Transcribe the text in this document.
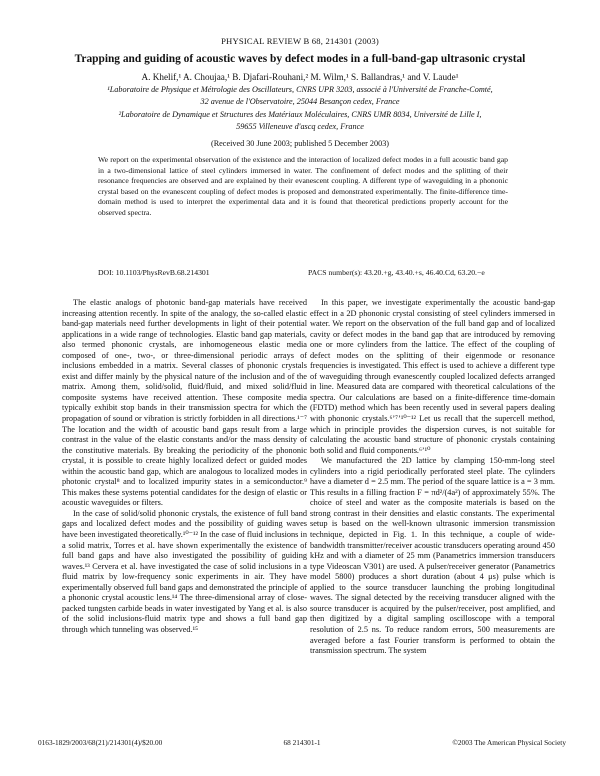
PHYSICAL REVIEW B 68, 214301 (2003)
Trapping and guiding of acoustic waves by defect modes in a full-band-gap ultrasonic crystal
A. Khelif,¹ A. Choujaa,¹ B. Djafari-Rouhani,² M. Wilm,¹ S. Ballandras,¹ and V. Laude¹
¹Laboratoire de Physique et Métrologie des Oscillateurs, CNRS UPR 3203, associé à l'Université de Franche-Comté,
32 avenue de l'Observatoire, 25044 Besançon cedex, France
²Laboratoire de Dynamique et Structures des Matériaux Moléculaires, CNRS UMR 8034, Université de Lille I,
59655 Villeneuve d'ascq cedex, France
(Received 30 June 2003; published 5 December 2003)
We report on the experimental observation of the existence and the interaction of localized defect modes in a full acoustic band gap in a two-dimensional lattice of steel cylinders immersed in water. The confinement of defect modes and the splitting of their resonance frequencies are observed and are explained by their evanescent coupling. A different type of waveguiding in a phononic crystal based on the evanescent coupling of defect modes is proposed and demonstrated experimentally. The finite-difference time-domain method is used to interpret the experimental data and it is found that theoretical predictions properly account for the observed spectra.
DOI: 10.1103/PhysRevB.68.214301	PACS number(s): 43.20.+g, 43.40.+s, 46.40.Cd, 63.20.−e

The elastic analogs of photonic band-gap materials have received increasing attention recently. In spite of the analogy, the so-called elastic band-gap materials need further developments in light of their potential applications in a wide range of technologies. Elastic band gap materials, also termed phononic crystals, are inhomogeneous elastic media composed of one-, two-, or three-dimensional periodic arrays of inclusions embedded in a matrix. Several classes of phononic crystals exist and differ mainly by the physical nature of the inclusion and of the matrix. Among them, solid/solid, fluid/fluid, and mixed solid/fluid composite systems have received attention. These composite media typically exhibit stop bands in their transmission spectra for which the propagation of sound or vibration is strictly forbidden in all directions.¹⁻⁷ The location and the width of acoustic band gaps result from a large contrast in the value of the elastic constants and/or the mass density of the constitutive materials. By breaking the periodicity of the phononic crystal, it is possible to create highly localized defect or guided modes within the acoustic band gap, which are analogous to localized modes in photonic crystal⁸ and to localized impurity states in a semiconductor.⁹ This makes these systems potential candidates for the design of elastic or acoustic waveguides or filters.

In the case of solid/solid phononic crystals, the existence of full band gaps and localized defect modes and the possibility of guiding waves have been investigated theoretically.¹⁰⁻¹² In the case of fluid inclusions in a solid matrix, Torres et al. have shown experimentally the existence of full band gaps and have also investigated the possibility of guiding waves.¹³ Cervera et al. have investigated the case of solid inclusions in a fluid matrix by low-frequency sonic experiments in air. They have experimentally observed full band gaps and demonstrated the principle of a phononic crystal acoustic lens.¹⁴ The three-dimensional array of close-packed tungsten carbide beads in water investigated by Yang et al. is also of the solid inclusions-fluid matrix type and shows a full band gap through which tunneling was observed.¹⁵

In this paper, we investigate experimentally the acoustic band-gap effect in a 2D phononic crystal consisting of steel cylinders immersed in water. We report on the observation of the full band gap and of localized cavity or defect modes in the band gap that are introduced by removing one or more cylinders from the lattice. The effect of the coupling of defect modes on the splitting of their eigenmode or resonance frequencies is investigated. This effect is used to achieve a different type of waveguiding through evanescently coupled localized defects arranged in line. Measured data are compared with theoretical calculations of the spectra. Our calculations are based on a finite-difference time-domain (FDTD) method which has been recently used in several papers dealing with phononic crystals.⁶ʼ⁷ʼ¹⁰⁻¹² Let us recall that the supercell method, which in principle provides the dispersion curves, is not suitable for calculating the acoustic band structure of phononic crystals containing both solid and fluid components.⁶ʼ¹⁰

We manufactured the 2D lattice by clamping 150-mm-long steel cylinders into a rigid periodically perforated steel plate. The cylinders have a diameter d = 2.5 mm. The period of the square lattice is a = 3 mm. This results in a filling fraction F = πd²/(4a²) of approximately 55%. The choice of steel and water as the composite materials is based on the strong contrast in their densities and elastic constants. The experimental setup is based on the well-known ultrasonic immersion transmission technique, depicted in Fig. 1. In this technique, a couple of wide-bandwidth transmitter/receiver acoustic transducers operating around 450 kHz and with a diameter of 25 mm (Panametrics immersion transducers type Videoscan V301) are used. A pulser/receiver generator (Panametrics model 5800) produces a short duration (about 4 μs) pulse which is applied to the source transducer launching the probing longitudinal waves. The signal detected by the receiving transducer aligned with the source transducer is acquired by the pulser/receiver, post amplified, and then digitized by a digital sampling oscilloscope with a temporal resolution of 2.5 ns. To reduce random errors, 500 measurements are averaged before a fast Fourier transform is performed to obtain the transmission spectrum. The system

0163-1829/2003/68(21)/214301(4)/$20.00	68 214301-1	©2003 The American Physical Society
